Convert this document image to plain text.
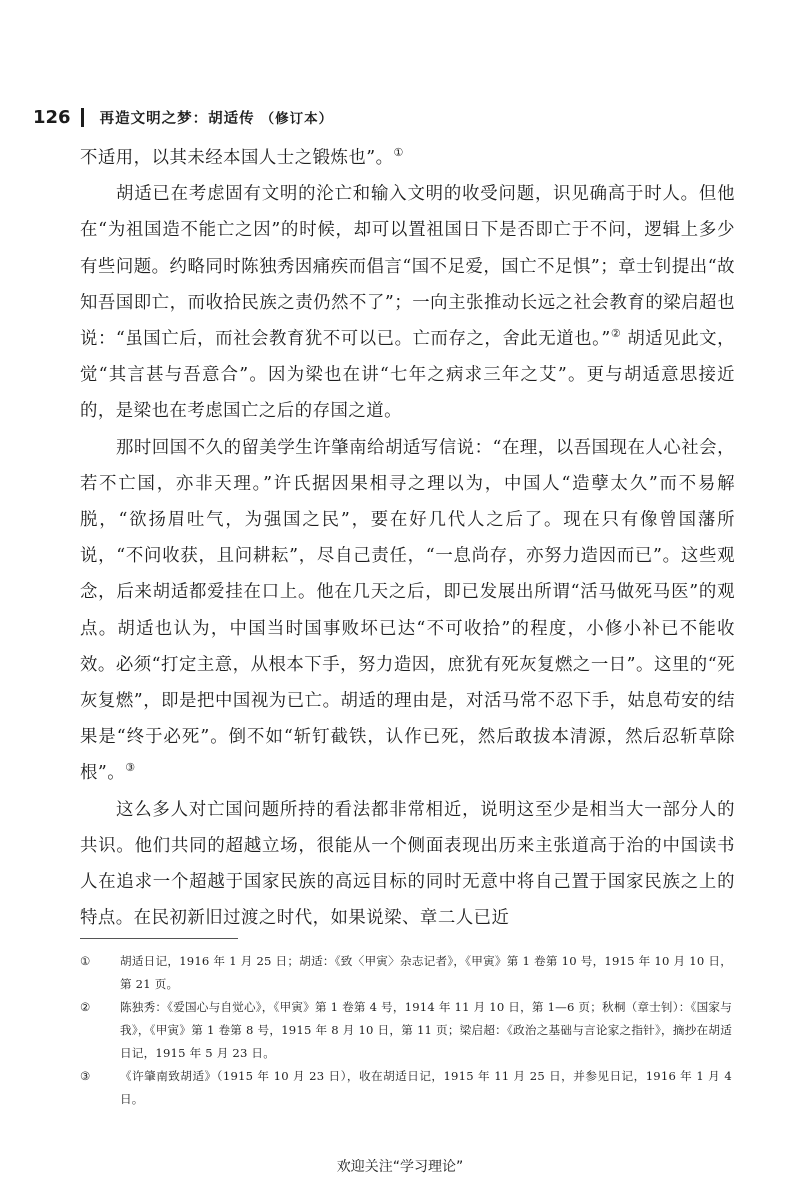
126 再造文明之梦：胡适传 （修订本）

不适用，以其未经本国人士之锻炼也”。①

胡适已在考虑固有文明的沦亡和输入文明的收受问题，识见确高于时人。但他在“为祖国造不能亡之因”的时候，却可以置祖国日下是否即亡于不问，逻辑上多少有些问题。约略同时陈独秀因痛疾而倡言“国不足爱，国亡不足惧”；章士钊提出“故知吾国即亡，而收拾民族之责仍然不了”；一向主张推动长远之社会教育的梁启超也说：“虽国亡后，而社会教育犹不可以已。亡而存之，舍此无道也。”② 胡适见此文，觉“其言甚与吾意合”。因为梁也在讲“七年之病求三年之艾”。更与胡适意思接近的，是梁也在考虑国亡之后的存国之道。

那时回国不久的留美学生许肇南给胡适写信说：“在理，以吾国现在人心社会，若不亡国，亦非天理。”许氏据因果相寻之理以为，中国人“造孽太久”而不易解脱，“欲扬眉吐气，为强国之民”，要在好几代人之后了。现在只有像曾国藩所说，“不问收获，且问耕耘”，尽自己责任，“一息尚存，亦努力造因而已”。这些观念，后来胡适都爱挂在口上。他在几天之后，即已发展出所谓“活马做死马医”的观点。胡适也认为，中国当时国事败坏已达“不可收拾”的程度，小修小补已不能收效。必须“打定主意，从根本下手，努力造因，庶犹有死灰复燃之一日”。这里的“死灰复燃”，即是把中国视为已亡。胡适的理由是，对活马常不忍下手，姑息苟安的结果是“终于必死”。倒不如“斩钉截铁，认作已死，然后敢拔本清源，然后忍斩草除根”。③

这么多人对亡国问题所持的看法都非常相近，说明这至少是相当大一部分人的共识。他们共同的超越立场，很能从一个侧面表现出历来主张道高于治的中国读书人在追求一个超越于国家民族的高远目标的同时无意中将自己置于国家民族之上的特点。在民初新旧过渡之时代，如果说梁、章二人已近

①	胡适日记，1916 年 1 月 25 日；胡适：《致〈甲寅〉杂志记者》，《甲寅》第 1 卷第 10 号，1915 年 10 月 10 日，第 21 页。

②	陈独秀：《爱国心与自觉心》，《甲寅》第 1 卷第 4 号，1914 年 11 月 10 日，第 1—6 页；秋桐（章士钊）：《国家与我》，《甲寅》第 1 卷第 8 号，1915 年 8 月 10 日，第 11 页；梁启超：《政治之基础与言论家之指针》，摘抄在胡适日记，1915 年 5 月 23 日。

③	《许肇南致胡适》（1915 年 10 月 23 日），收在胡适日记，1915 年 11 月 25 日，并参见日记，1916 年 1 月 4 日。

欢迎关注“学习理论”
